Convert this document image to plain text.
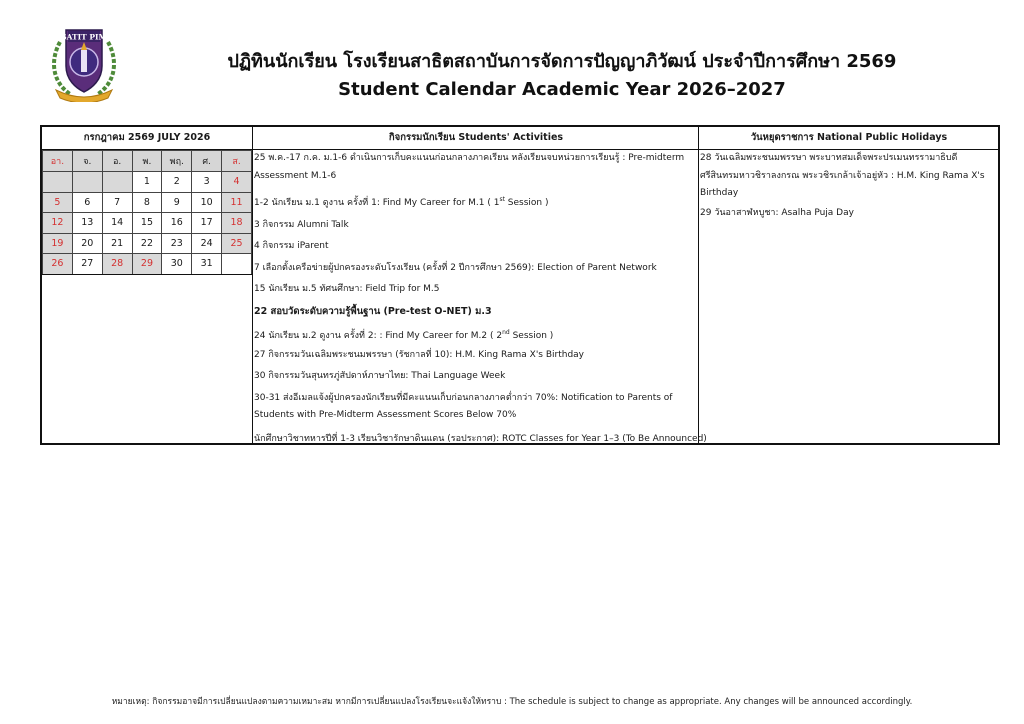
SATIT PIM
ปฏิทินนักเรียน โรงเรียนสาธิตสถาบันการจัดการปัญญาภิวัฒน์ ประจำปีการศึกษา 2569
Student Calendar Academic Year 2026–2027
กรกฎาคม 2569 JULY 2026	กิจกรรมนักเรียน Students' Activities	วันหยุดราชการ National Public Holidays
อา.	จ.	อ.	พ.	พฤ.	ศ.	ส.
			1	2	3	4
5	6	7	8	9	10	11
12	13	14	15	16	17	18
19	20	21	22	23	24	25
26	27	28	29	30	31	
25 พ.ค.-17 ก.ค. ม.1-6 ดำเนินการเก็บคะแนนก่อนกลางภาคเรียน หลังเรียนจบหน่วยการเรียนรู้ : Pre-midterm
Assessment M.1-6
1-2 นักเรียน ม.1 ดูงาน ครั้งที่ 1: Find My Career for M.1 ( 1st Session )
3 กิจกรรม Alumni Talk
4 กิจกรรม iParent
7 เลือกตั้งเครือข่ายผู้ปกครองระดับโรงเรียน (ครั้งที่ 2 ปีการศึกษา 2569): Election of Parent Network
15 นักเรียน ม.5 ทัศนศึกษา: Field Trip for M.5
22 สอบวัดระดับความรู้พื้นฐาน (Pre-test O-NET) ม.3
24 นักเรียน ม.2 ดูงาน ครั้งที่ 2: : Find My Career for M.2 ( 2nd Session )
27 กิจกรรมวันเฉลิมพระชนมพรรษา (รัชกาลที่ 10): H.M. King Rama X's Birthday
30 กิจกรรมวันสุนทรภู่สัปดาห์ภาษาไทย: Thai Language Week
30-31 ส่งอีเมลแจ้งผู้ปกครองนักเรียนที่มีคะแนนเก็บก่อนกลางภาคต่ำกว่า 70%: Notification to Parents of
Students with Pre-Midterm Assessment Scores Below 70%
นักศึกษาวิชาทหารปีที่ 1-3 เรียนวิชารักษาดินแดน (รอประกาศ): ROTC Classes for Year 1–3 (To Be Announced)
28 วันเฉลิมพระชนมพรรษา พระบาทสมเด็จพระปรเมนทรรามาธิบดี
ศรีสินทรมหาวชิราลงกรณ พระวชิรเกล้าเจ้าอยู่หัว : H.M. King Rama X's
Birthday
29 วันอาสาฬหบูชา: Asalha Puja Day
หมายเหตุ: กิจกรรมอาจมีการเปลี่ยนแปลงตามความเหมาะสม หากมีการเปลี่ยนแปลงโรงเรียนจะแจ้งให้ทราบ : The schedule is subject to change as appropriate. Any changes will be announced accordingly.
